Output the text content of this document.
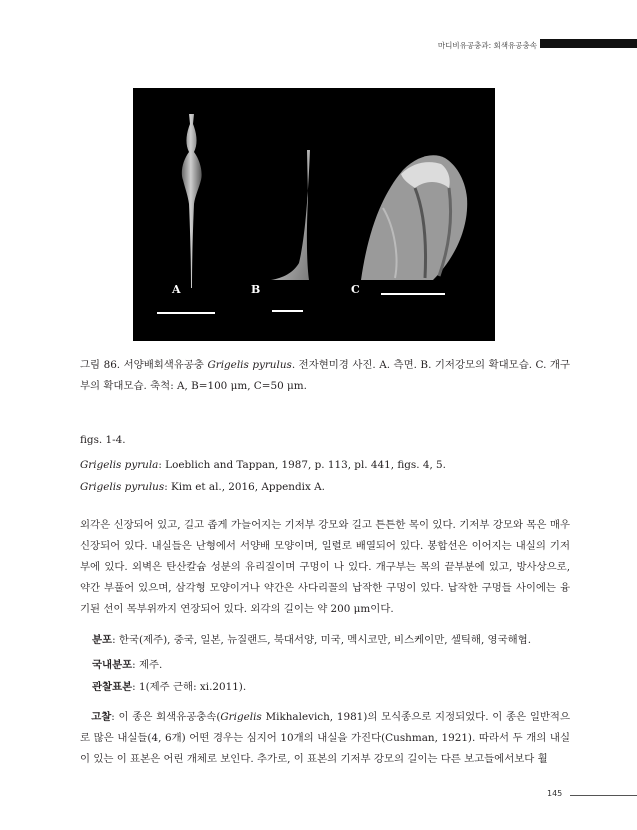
마디비유공충과: 회색유공충속
A	B	C

그림 86. 서양배회색유공충 Grigelis pyrulus. 전자현미경 사진. A. 측면. B. 기저강모의 확대모습. C. 개구부의 확대모습. 축척: A, B=100 μm, C=50 μm.

figs. 1-4.
Grigelis pyrula: Loeblich and Tappan, 1987, p. 113, pl. 441, figs. 4, 5.
Grigelis pyrulus: Kim et al., 2016, Appendix A.

외각은 신장되어 있고, 길고 좁게 가늘어지는 기저부 강모와 길고 튼튼한 목이 있다. 기저부 강모와 목은 매우 신장되어 있다. 내실들은 난형에서 서양배 모양이며, 일렬로 배열되어 있다. 봉합선은 이어지는 내실의 기저부에 있다. 외벽은 탄산칼슘 성분의 유리질이며 구멍이 나 있다. 개구부는 목의 끝부분에 있고, 방사상으로, 약간 부풀어 있으며, 삼각형 모양이거나 약간은 사다리꼴의 납작한 구멍이 있다. 납작한 구멍들 사이에는 융기된 선이 목부위까지 연장되어 있다. 외각의 길이는 약 200 μm이다.

분포: 한국(제주), 중국, 일본, 뉴질랜드, 북대서양, 미국, 멕시코만, 비스케이만, 셀틱해, 영국해협.
국내분포: 제주.
관찰표본: 1(제주 근해: xi.2011).

고찰: 이 종은 회색유공충속(Grigelis Mikhalevich, 1981)의 모식종으로 지정되었다. 이 종은 일반적으로 많은 내실들(4, 6개) 어떤 경우는 심지어 10개의 내실을 가진다(Cushman, 1921). 따라서 두 개의 내실이 있는 이 표본은 어린 개체로 보인다. 추가로, 이 표본의 기저부 강모의 길이는 다른 보고들에서보다 훨

145
